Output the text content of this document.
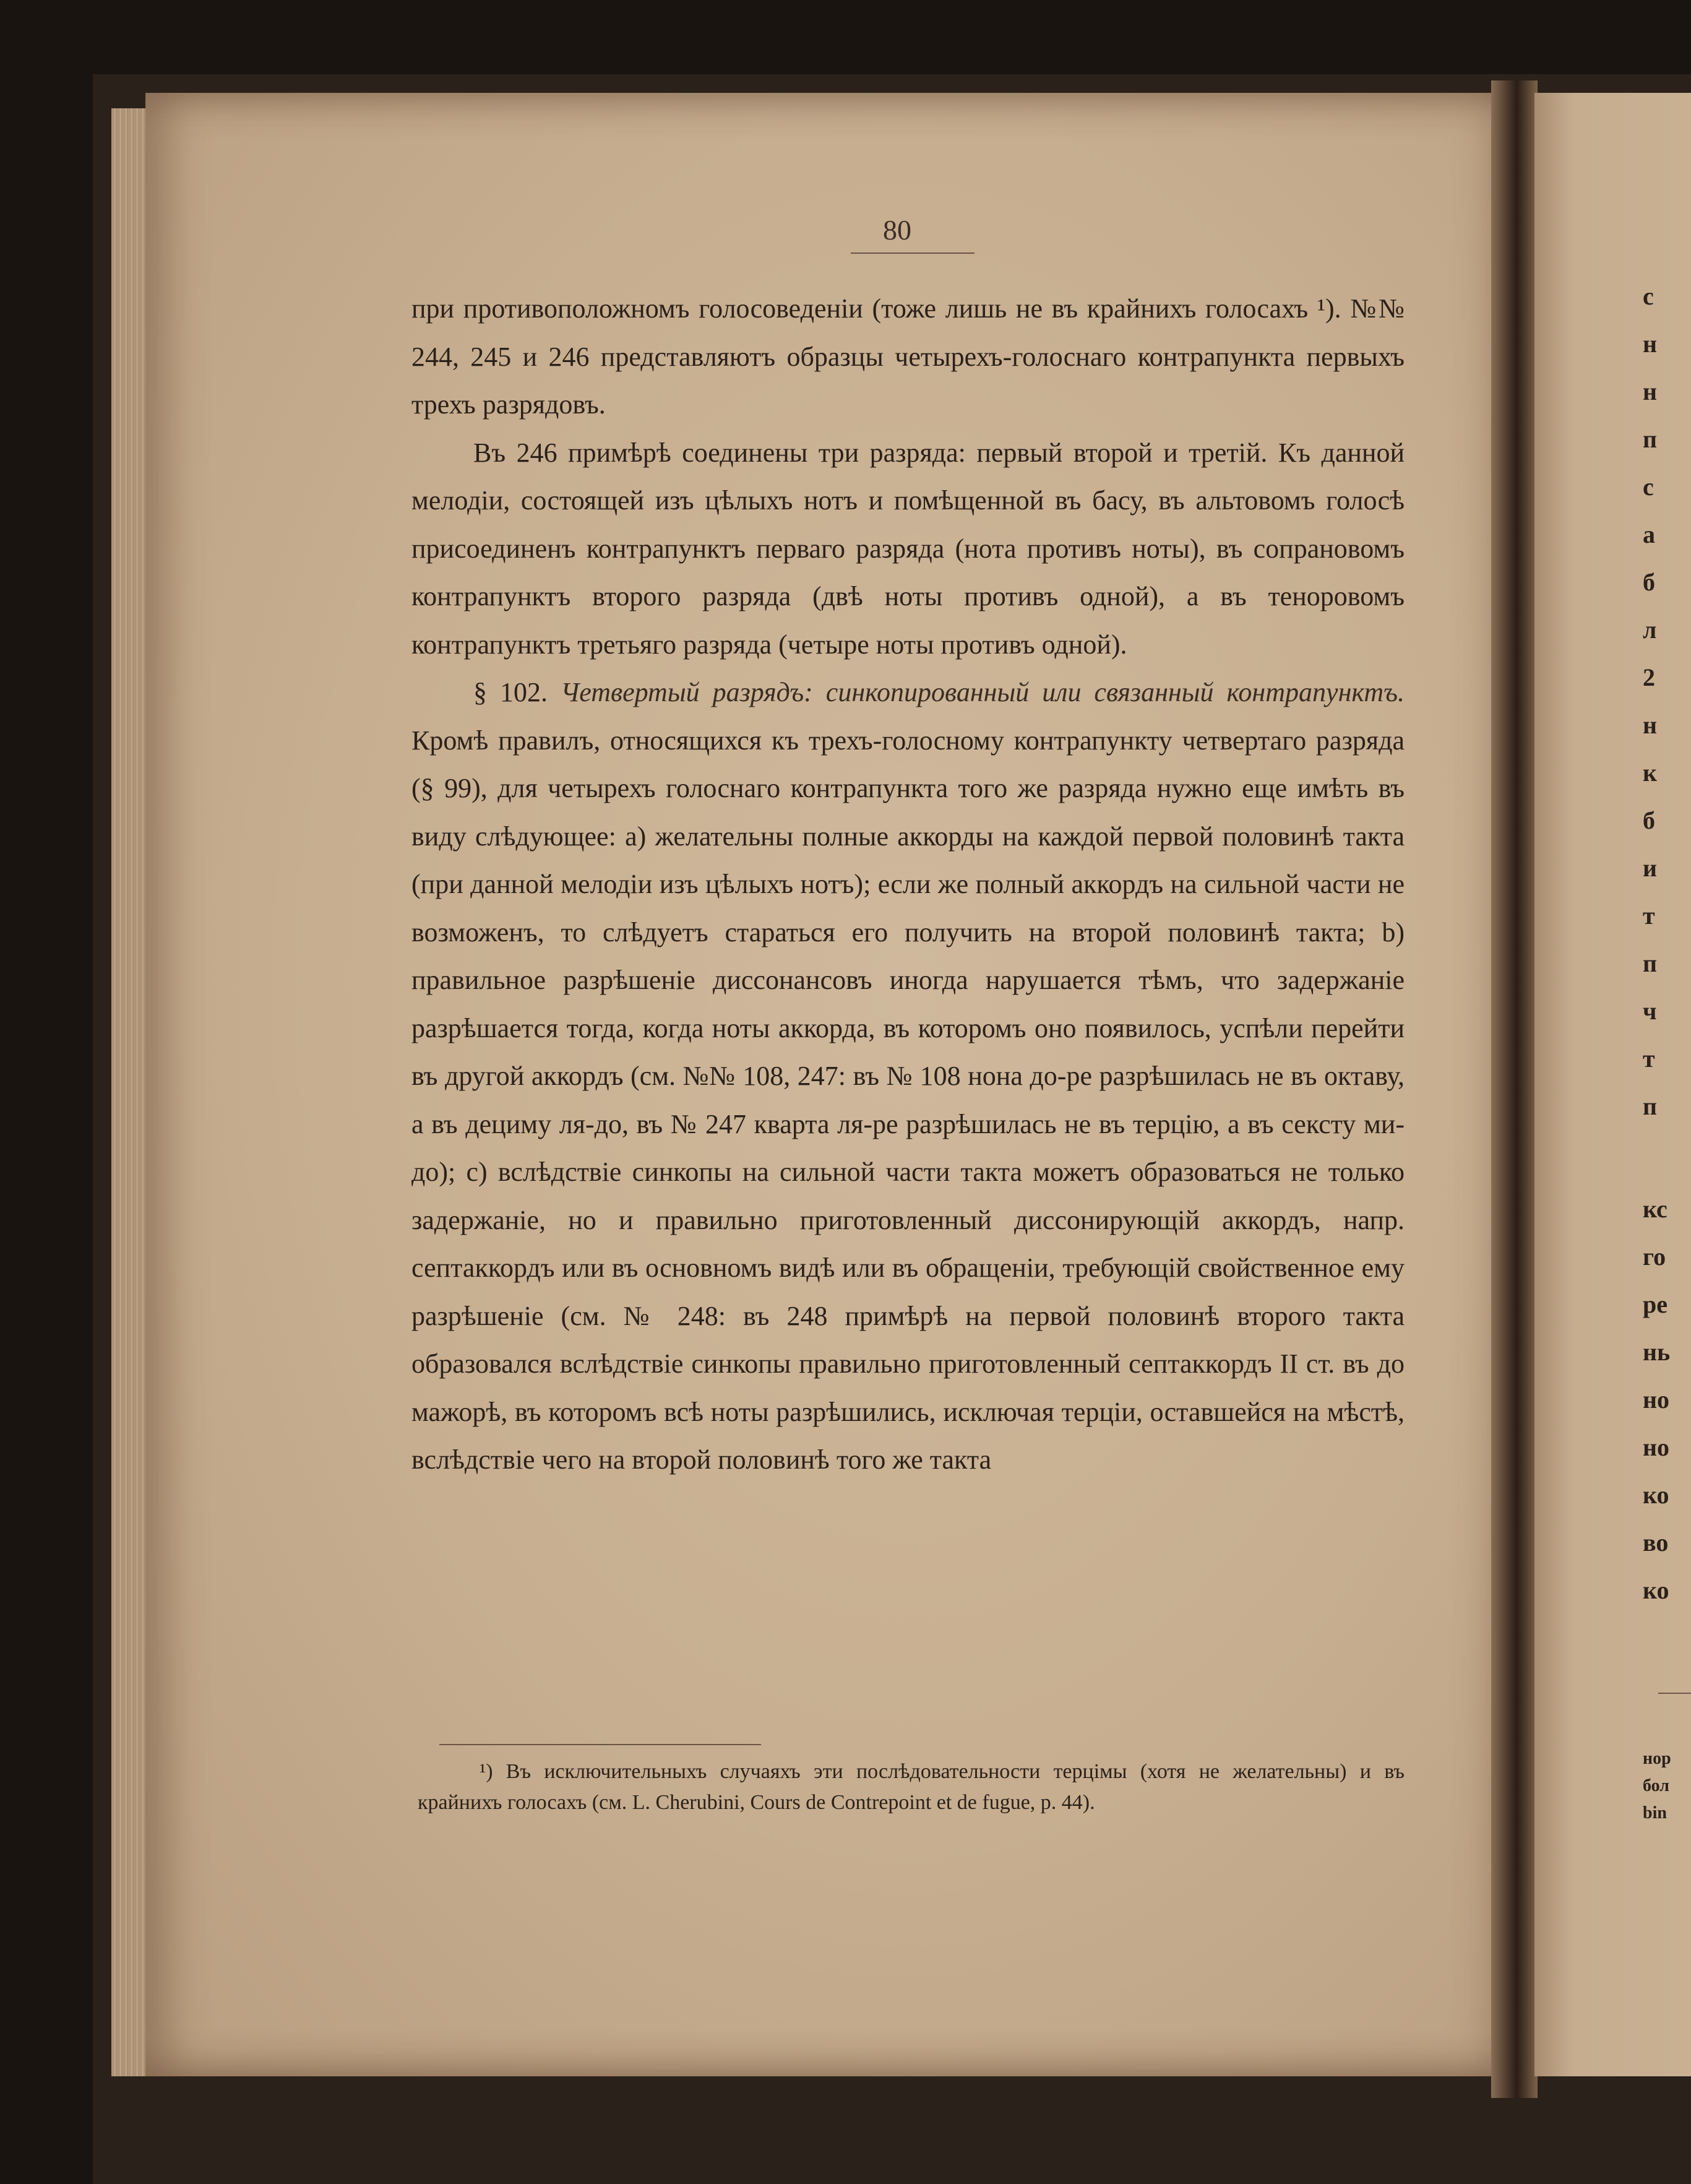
80

при противоположномъ голосоведенiи (тоже лишь не въ крайнихъ голосахъ ¹). №№ 244, 245 и 246 представляютъ образцы четырехъ-голоснаго контрапункта первыхъ трехъ разрядовъ.

Въ 246 примѣрѣ соединены три разряда: первый второй и третiй. Къ данной мелодiи, состоящей изъ цѣлыхъ нотъ и помѣщенной въ басу, въ альтовомъ голосѣ присоединенъ контрапунктъ перваго разряда (нота противъ ноты), въ сопрановомъ контрапунктъ второго разряда (двѣ ноты противъ одной), а въ теноровомъ контрапунктъ третьяго разряда (четыре ноты противъ одной).

§ 102. Четвертый разрядъ: синкопированный или связанный контрапунктъ. Кромѣ правилъ, относящихся къ трехъ-голосному контрапункту четвертаго разряда (§ 99), для четырехъ голоснаго контрапункта того же разряда нужно еще имѣть въ виду слѣдующее: а) желательны полные аккорды на каждой первой половинѣ такта (при данной мелодiи изъ цѣлыхъ нотъ); если же полный аккордъ на сильной части не возможенъ, то слѣдуетъ стараться его получить на второй половинѣ такта; b) правильное разрѣшенiе диссонансовъ иногда нарушается тѣмъ, что задержанiе разрѣшается тогда, когда ноты аккорда, въ которомъ оно появилось, успѣли перейти въ другой аккордъ (см. №№ 108, 247: въ № 108 нона до-ре разрѣшилась не въ октаву, а въ децимy ля-до, въ № 247 кварта ля-ре разрѣшилась не въ терцiю, а въ сексту ми-до); с) вслѣдствiе синкопы на сильной части такта можетъ образоваться не только задержанiе, но и правильно приготовленный диссонирующiй аккордъ, напр. септаккордъ или въ основномъ видѣ или въ обращенiи, требующiй свойственное ему разрѣшенiе (см. № 248: въ 248 примѣрѣ на первой половинѣ второго такта образовался вслѣдствiе синкопы правильно приготовленный септаккордъ II ст. въ до мажорѣ, въ которомъ всѣ ноты разрѣшились, исключая терцiи, оставшейся на мѣстѣ, вслѣдствiе чего на второй половинѣ того же такта

¹) Въ исключительныхъ случаяхъ эти послѣдовательности терцiмы (хотя не желательны) и въ крайнихъ голосахъ (см. L. Cherubini, Cours de Contrepoint et de fugue, p. 44).

с
н
н
п
с
а
б
л
2
н
к
б
и
т
п
ч
т
п
кс
го
ре
нь
но
но
ко
во
ко
нор
бол
bin
